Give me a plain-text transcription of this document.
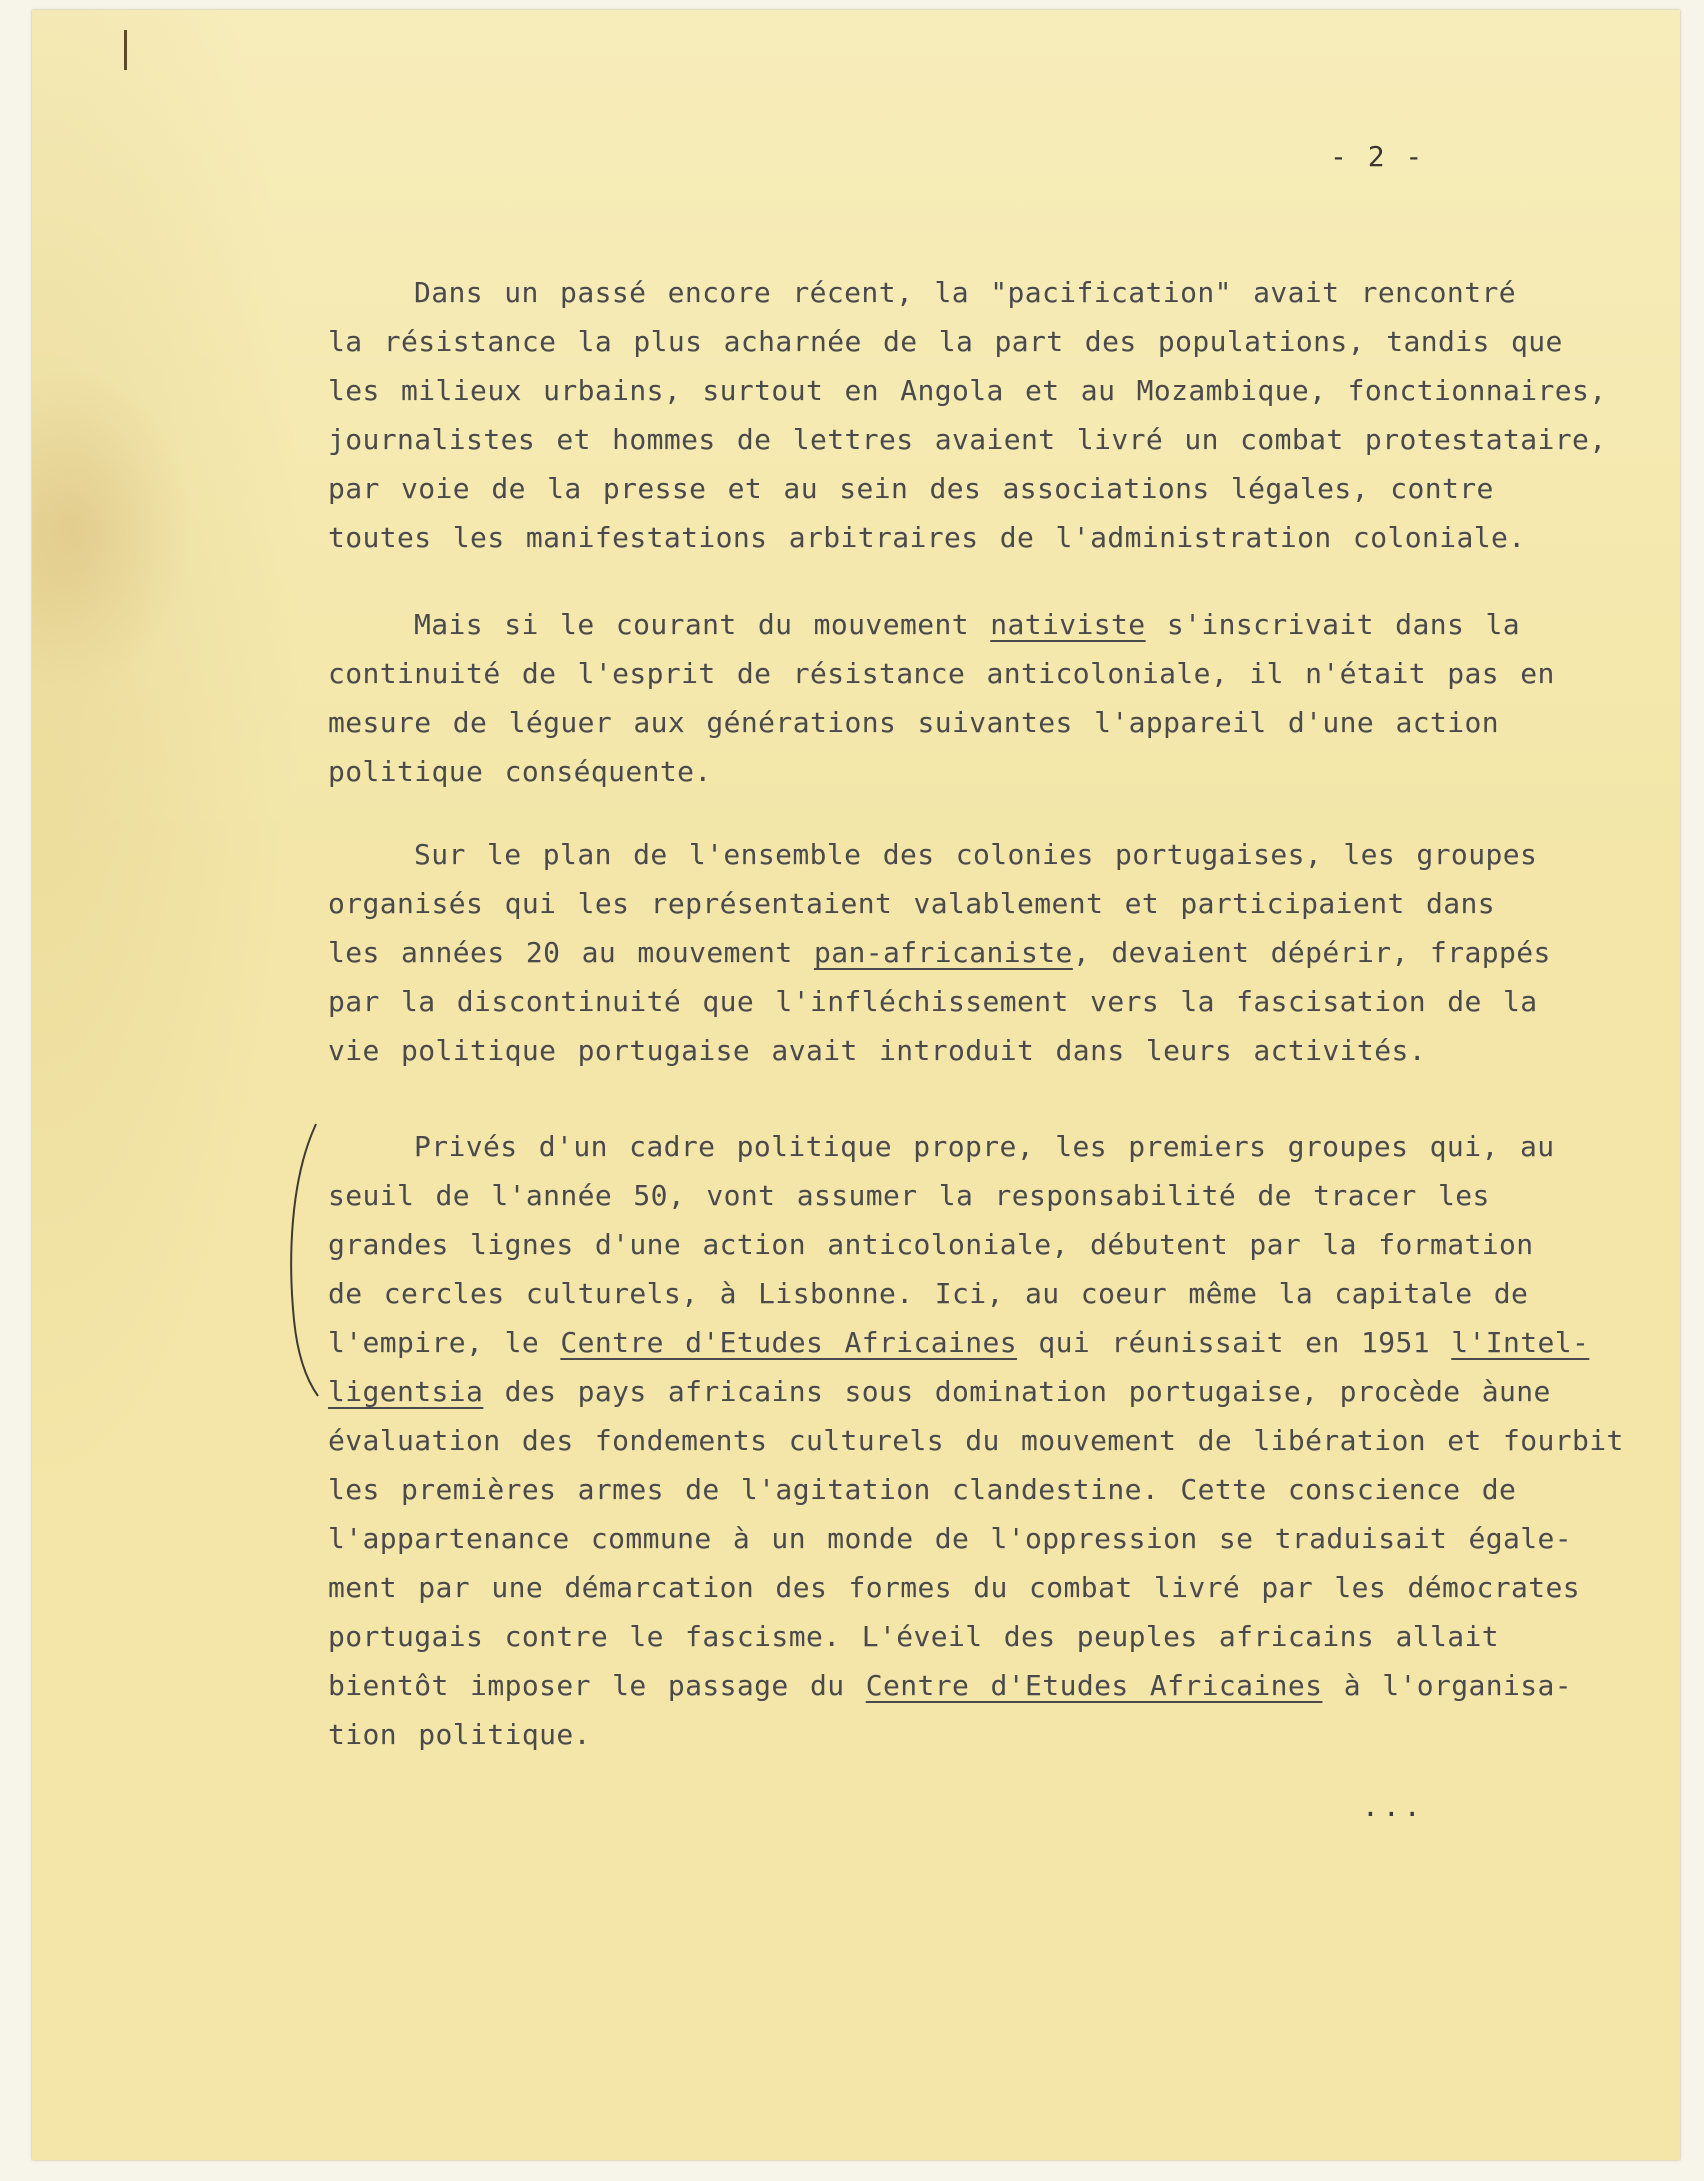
- 2 -
Dans un passé encore récent, la "pacification" avait rencontré
la résistance la plus acharnée de la part des populations, tandis que
les milieux urbains, surtout en Angola et au Mozambique, fonctionnaires,
journalistes et hommes de lettres avaient livré un combat protestataire,
par voie de la presse et au sein des associations légales, contre
toutes les manifestations arbitraires de l'administration coloniale.
Mais si le courant du mouvement nativiste s'inscrivait dans la
continuité de l'esprit de résistance anticoloniale, il n'était pas en
mesure de léguer aux générations suivantes l'appareil d'une action
politique conséquente.
Sur le plan de l'ensemble des colonies portugaises, les groupes
organisés qui les représentaient valablement et participaient dans
les années 20 au mouvement pan-africaniste, devaient dépérir, frappés
par la discontinuité que l'infléchissement vers la fascisation de la
vie politique portugaise avait introduit dans leurs activités.
Privés d'un cadre politique propre, les premiers groupes qui, au
seuil de l'année 50, vont assumer la responsabilité de tracer les
grandes lignes d'une action anticoloniale, débutent par la formation
de cercles culturels, à Lisbonne. Ici, au coeur même la capitale de
l'empire, le Centre d'Etudes Africaines qui réunissait en 1951 l'Intel-
ligentsia des pays africains sous domination portugaise, procède àune
évaluation des fondements culturels du mouvement de libération et fourbit
les premières armes de l'agitation clandestine. Cette conscience de
l'appartenance commune à un monde de l'oppression se traduisait égale-
ment par une démarcation des formes du combat livré par les démocrates
portugais contre le fascisme. L'éveil des peuples africains allait
bientôt imposer le passage du Centre d'Etudes Africaines à l'organisa-
tion politique.
...
